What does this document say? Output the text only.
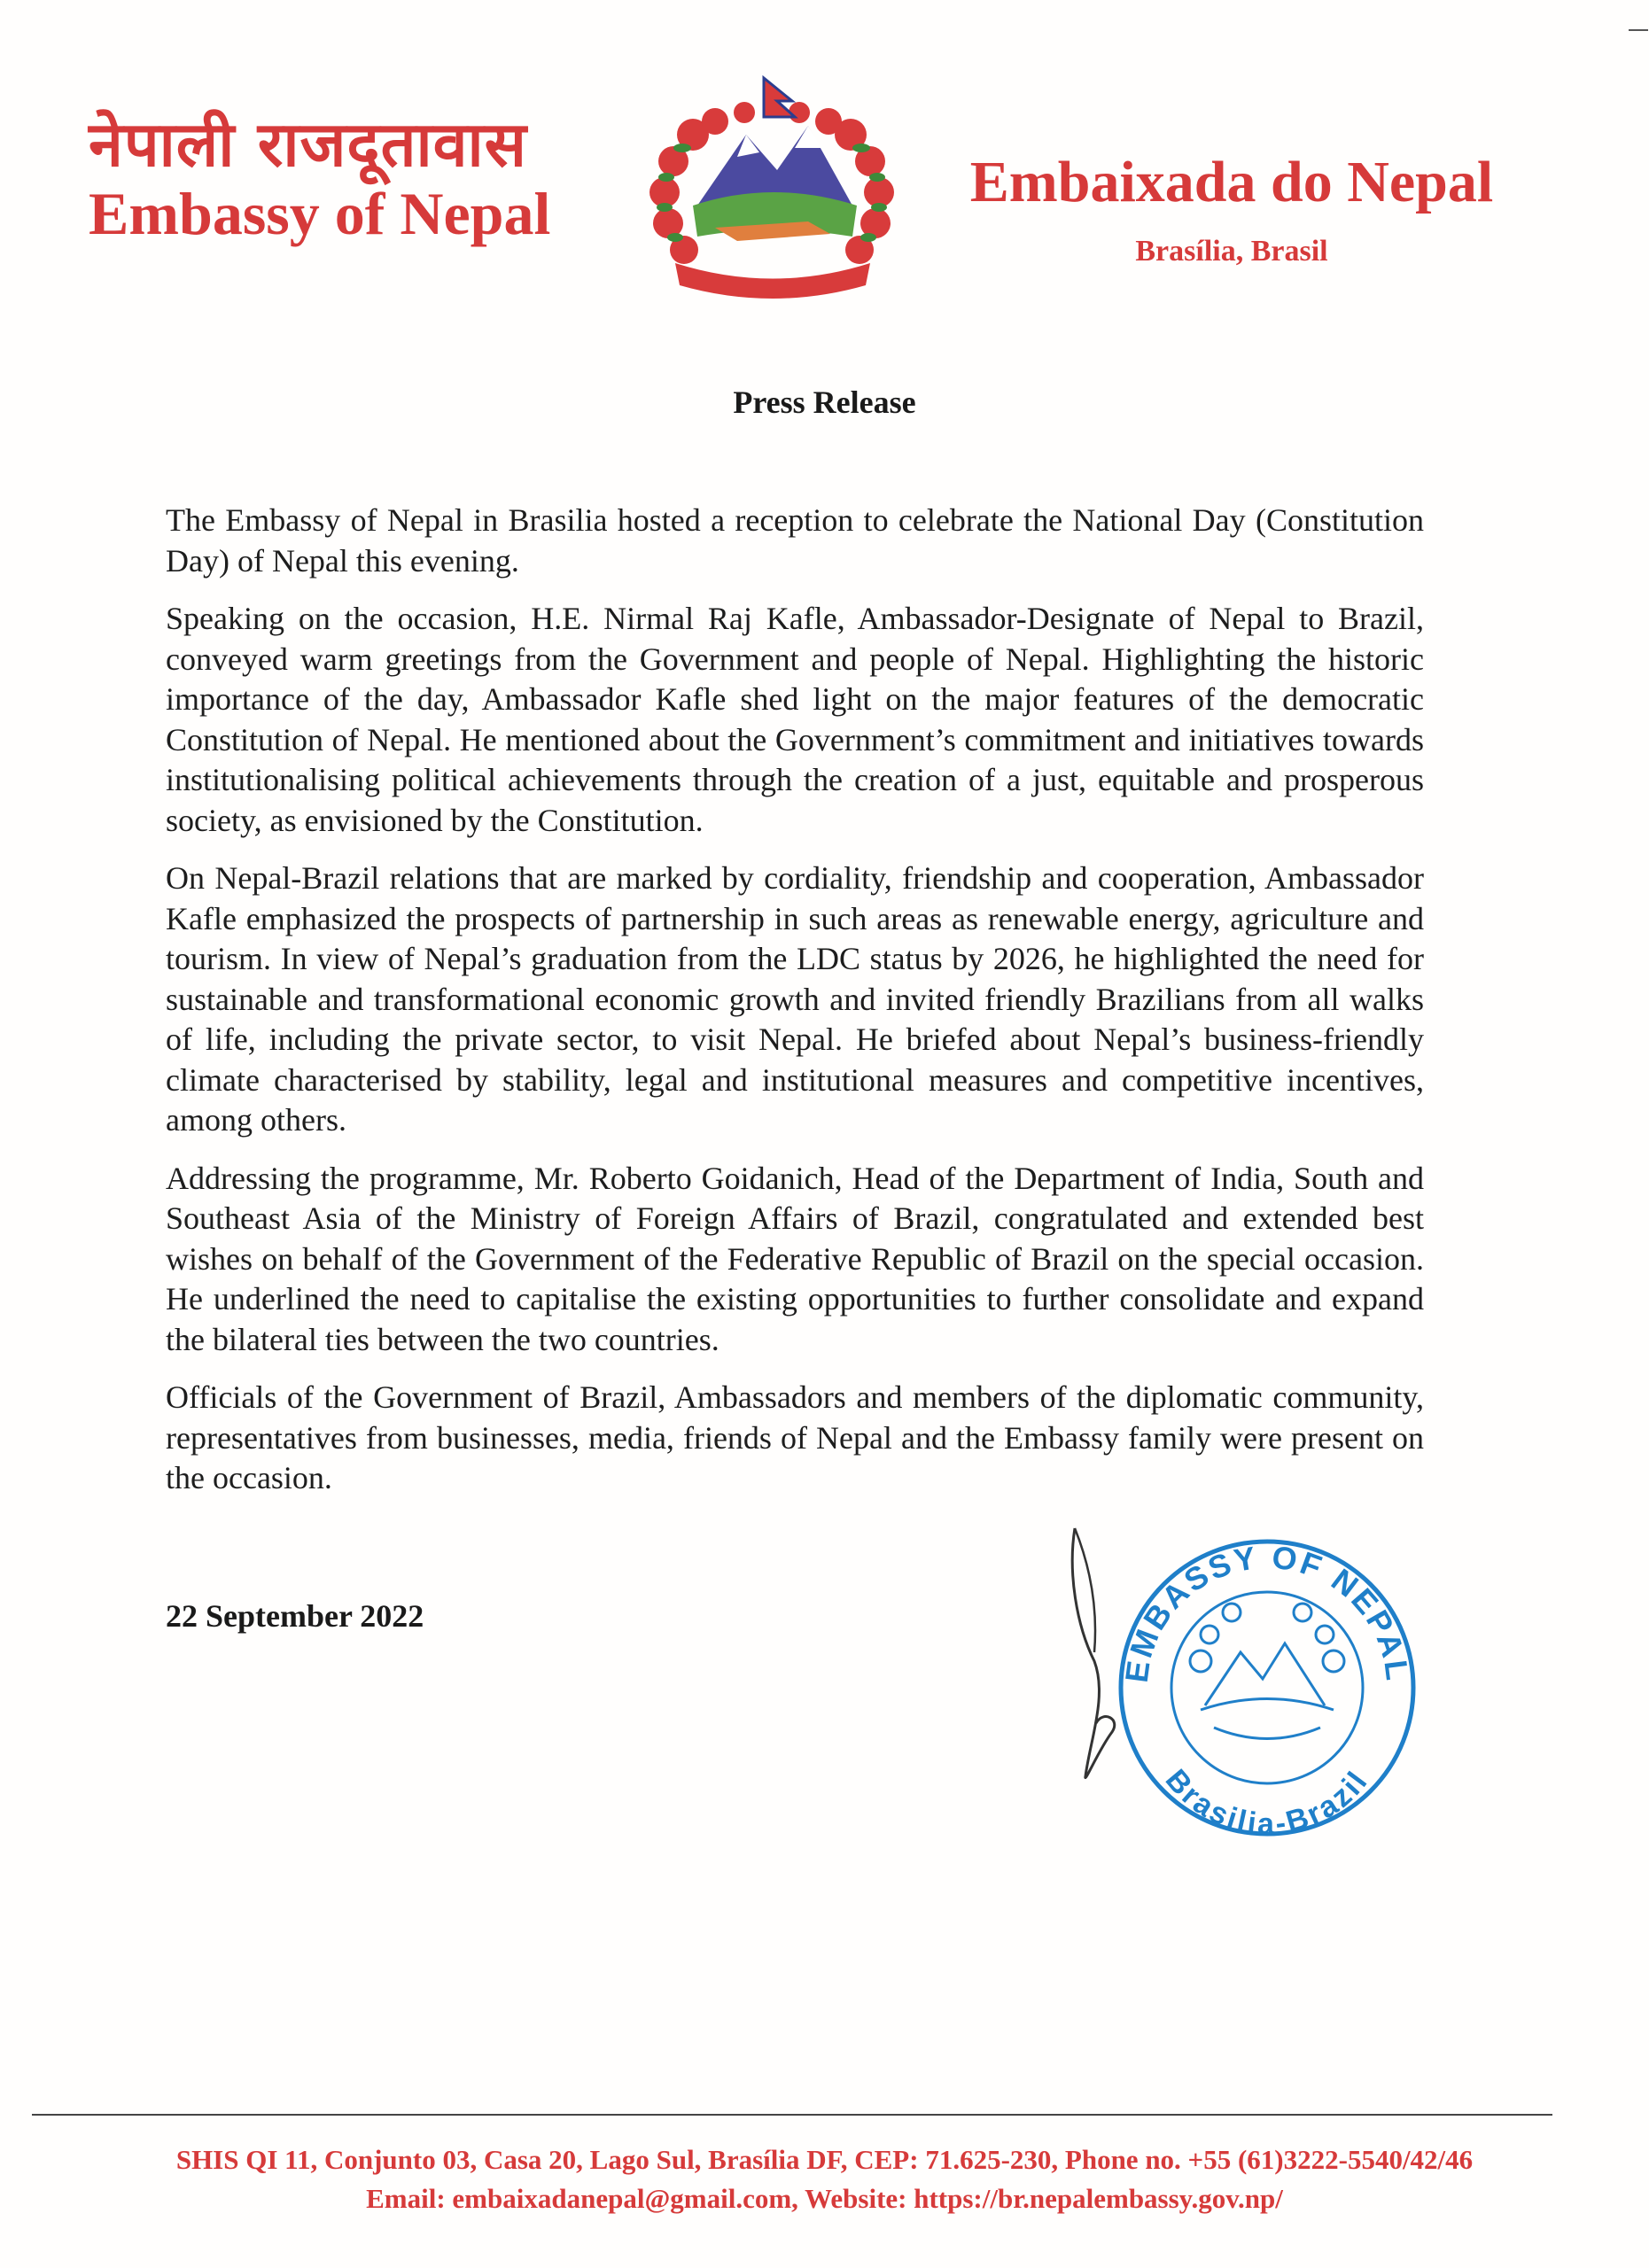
नेपाली राजदूतावास
Embassy of Nepal	Embaixada do Nepal
Brasília, Brasil
Press Release

The Embassy of Nepal in Brasilia hosted a reception to celebrate the National Day (Constitution Day) of Nepal this evening.

Speaking on the occasion, H.E. Nirmal Raj Kafle, Ambassador-Designate of Nepal to Brazil, conveyed warm greetings from the Government and people of Nepal. Highlighting the historic importance of the day, Ambassador Kafle shed light on the major features of the democratic Constitution of Nepal. He mentioned about the Government’s commitment and initiatives towards institutionalising political achievements through the creation of a just, equitable and prosperous society, as envisioned by the Constitution.

On Nepal-Brazil relations that are marked by cordiality, friendship and cooperation, Ambassador Kafle emphasized the prospects of partnership in such areas as renewable energy, agriculture and tourism. In view of Nepal’s graduation from the LDC status by 2026, he highlighted the need for sustainable and transformational economic growth and invited friendly Brazilians from all walks of life, including the private sector, to visit Nepal. He briefed about Nepal’s business-friendly climate characterised by stability, legal and institutional measures and competitive incentives, among others.

Addressing the programme, Mr. Roberto Goidanich, Head of the Department of India, South and Southeast Asia of the Ministry of Foreign Affairs of Brazil, congratulated and extended best wishes on behalf of the Government of the Federative Republic of Brazil on the special occasion. He underlined the need to capitalise the existing opportunities to further consolidate and expand the bilateral ties between the two countries.

Officials of the Government of Brazil, Ambassadors and members of the diplomatic community, representatives from businesses, media, friends of Nepal and the Embassy family were present on the occasion.

22 September 2022
EMBASSY OF NEPAL
Brasilia-Brazil
SHIS QI 11, Conjunto 03, Casa 20, Lago Sul, Brasília DF, CEP: 71.625-230, Phone no. +55 (61)3222-5540/42/46
Email: embaixadanepal@gmail.com, Website: https://br.nepalembassy.gov.np/
